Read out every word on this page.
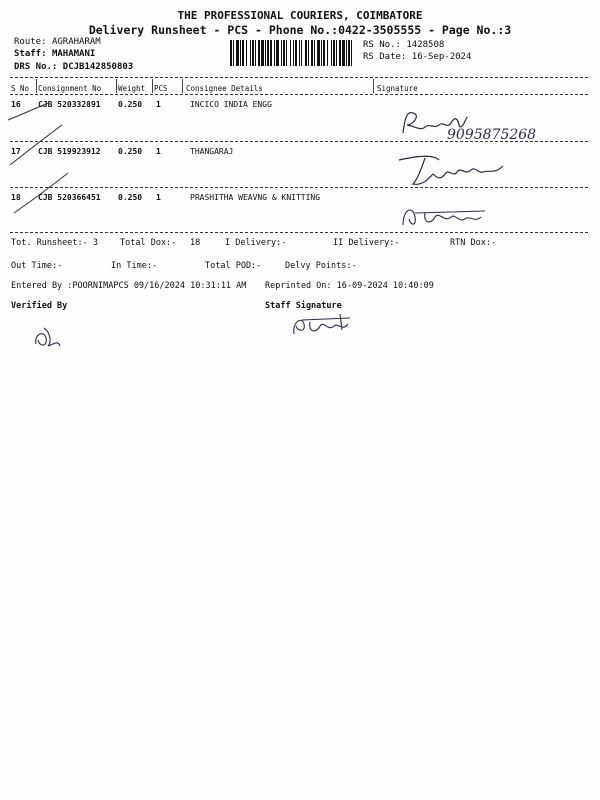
THE PROFESSIONAL COURIERS, COIMBATORE
Delivery Runsheet - PCS - Phone No.:0422-3505555 - Page No.:3
Route: AGRAHARAM
Staff: MAHAMANI
DRS No.: DCJB142850803
RS No.: 1428508
RS Date: 16-Sep-2024
S No Consignment No Weight PCS Consignee Details	Signature
16 CJB 520332891 0.250 1	INCICO INDIA ENGG
17 CJB 519923912 0.250 1	THANGARAJ
18 CJB 520366451 0.250 1	PRASHITHA WEAVNG & KNITTING
9095875268
Tot. Runsheet:- 3	Total Dox:- 18	I Delivery:-	II Delivery:-	RTN Dox:-
Out Time:-	In Time:-	Total POD:-	Delvy Points:-
Entered By :POORNIMAPCS 09/16/2024 10:31:11 AM Reprinted On: 16-09-2024 10:40:09
Verified By	Staff Signature
